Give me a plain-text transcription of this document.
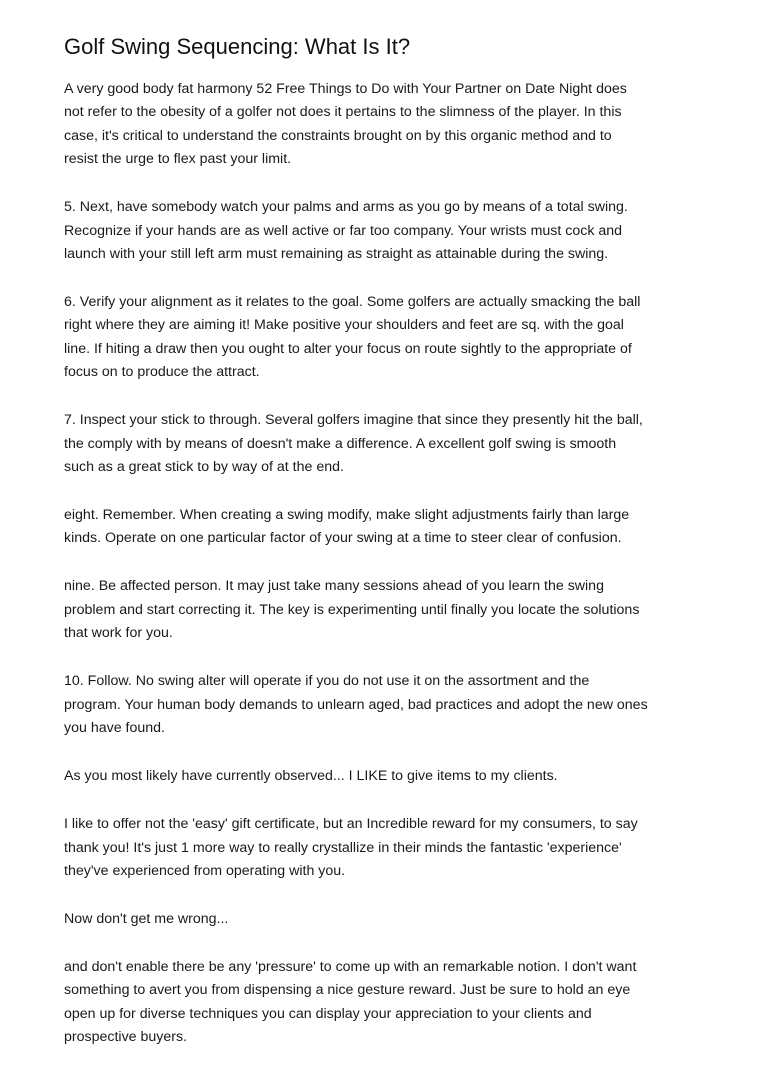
Golf Swing Sequencing: What Is It?

A very good body fat harmony 52 Free Things to Do with Your Partner on Date Night does
not refer to the obesity of a golfer not does it pertains to the slimness of the player. In this
case, it's critical to understand the constraints brought on by this organic method and to
resist the urge to flex past your limit.

5. Next, have somebody watch your palms and arms as you go by means of a total swing.
Recognize if your hands are as well active or far too company. Your wrists must cock and
launch with your still left arm must remaining as straight as attainable during the swing.

6. Verify your alignment as it relates to the goal. Some golfers are actually smacking the ball
right where they are aiming it! Make positive your shoulders and feet are sq. with the goal
line. If hiting a draw then you ought to alter your focus on route sightly to the appropriate of
focus on to produce the attract.

7. Inspect your stick to through. Several golfers imagine that since they presently hit the ball,
the comply with by means of doesn't make a difference. A excellent golf swing is smooth
such as a great stick to by way of at the end.

eight. Remember. When creating a swing modify, make slight adjustments fairly than large
kinds. Operate on one particular factor of your swing at a time to steer clear of confusion.

nine. Be affected person. It may just take many sessions ahead of you learn the swing
problem and start correcting it. The key is experimenting until finally you locate the solutions
that work for you.

10. Follow. No swing alter will operate if you do not use it on the assortment and the
program. Your human body demands to unlearn aged, bad practices and adopt the new ones
you have found.

As you most likely have currently observed... I LIKE to give items to my clients.

I like to offer not the 'easy' gift certificate, but an Incredible reward for my consumers, to say
thank you! It's just 1 more way to really crystallize in their minds the fantastic 'experience'
they've experienced from operating with you.

Now don't get me wrong...

and don't enable there be any 'pressure' to come up with an remarkable notion. I don't want
something to avert you from dispensing a nice gesture reward. Just be sure to hold an eye
open up for diverse techniques you can display your appreciation to your clients and
prospective buyers.
